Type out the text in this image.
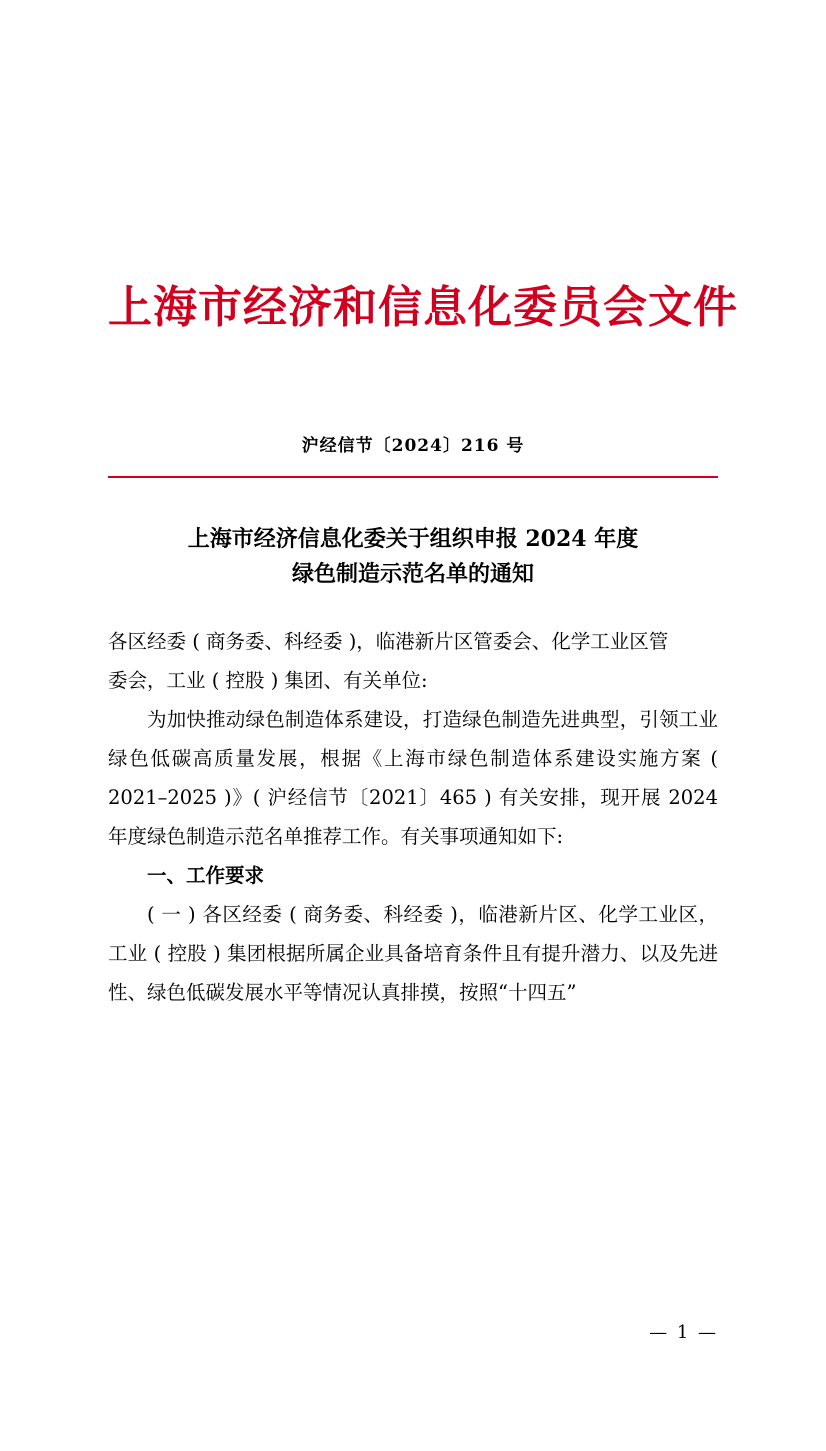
上海市经济和信息化委员会文件
沪经信节〔2024〕216 号
上海市经济信息化委关于组织申报 2024 年度
绿色制造示范名单的通知

各区经委 ( 商务委、科经委 )，临港新片区管委会、化学工业区管

委会，工业 ( 控股 ) 集团、有关单位:

为加快推动绿色制造体系建设，打造绿色制造先进典型，引领工业绿色低碳高质量发展，根据《上海市绿色制造体系建设实施方案 ( 2021–2025 )》( 沪经信节〔2021〕465 ) 有关安排，现开展 2024 年度绿色制造示范名单推荐工作。有关事项通知如下:

一、工作要求

( 一 ) 各区经委 ( 商务委、科经委 )，临港新片区、化学工业区，工业 ( 控股 ) 集团根据所属企业具备培育条件且有提升潜力、以及先进性、绿色低碳发展水平等情况认真排摸，按照“十四五”

— 1 —
